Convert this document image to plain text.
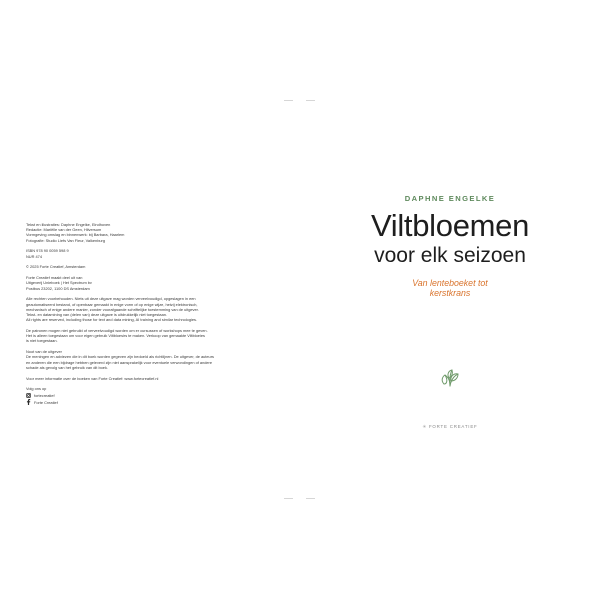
Tekst en illustraties: Daphne Engelke, Eindhoven
Redactie: Mariëlle van der Geen, Hilversum
Vormgeving omslag en binnenwerk: bij Barbara, Haarlem
Fotografie: Studio Liefs Van Fleur, Valkenburg
ISBN 978 90 0059 598 9
NUR 474
© 2025 Forte Creatief, Amsterdam
Forte Creatief maakt deel uit van
Uitgeverij Unieboek | Het Spectrum bv
Postbus 23202, 1100 DS Amsterdam
Alle rechten voorbehouden. Niets uit deze uitgave mag worden verveelvoudigd, opgeslagen in een
geautomatiseerd bestand, of openbaar gemaakt in enige vorm of op enige wijze, hetzij elektronisch,
mechanisch of enige andere manier, zonder voorafgaande schriftelijke toestemming van de uitgever.
Tekst- en datamining van (delen van) deze uitgave is uitdrukkelijk niet toegestaan.
All rights are reserved, including those for text and data mining, AI training and similar technologies.
De patronen mogen niet gebruikt of verveelvoudigd worden om er cursussen of workshops mee te geven.
Het is alleen toegestaan om voor eigen gebruik Viltbloesirs te maken. Verkoop van gemaakte Viltbloeies
is niet toegestaan.
Noot van de uitgever
De meningen en adviezen die in dit boek worden gegeven zijn bedoeld als richtlijnen. De uitgever, de auteurs
en anderen die een bijdrage hebben geleverd zijn niet aansprakelijk voor eventuele verwondingen of andere
schade als gevolg van het gebruik van dit boek.
Voor meer informatie over de boeken van Forte Creatief: www.fortecreatief.nl
Volg ons op
fortecreatief
Forte Creatief
DAPHNE ENGELKE
Viltbloemen
voor elk seizoen
Van lenteboeket tot
kerstkrans
✳ FORTE CREATIEF
